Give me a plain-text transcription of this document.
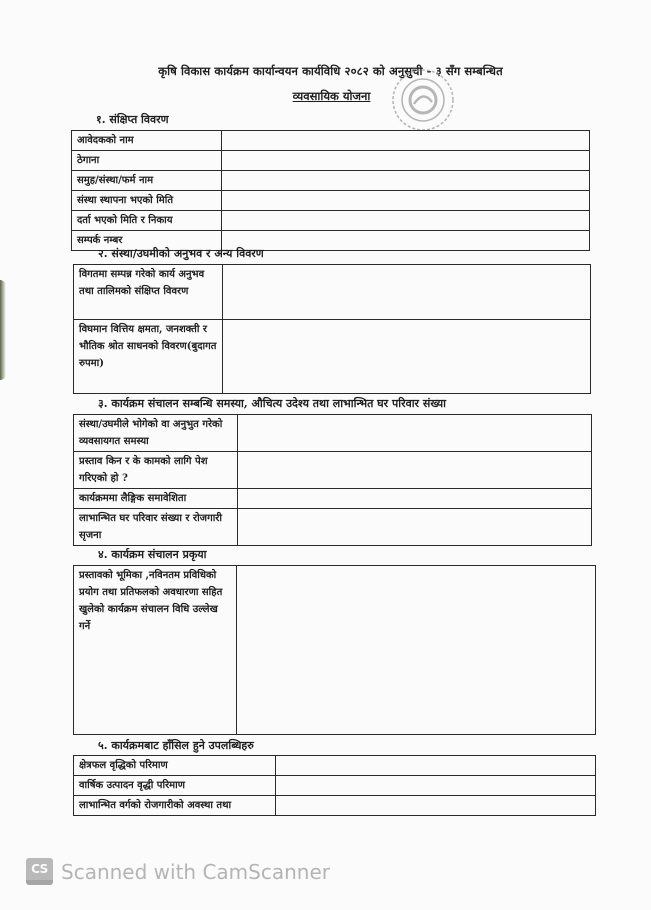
कृषि विकास कार्यक्रम कार्यान्वयन कार्यविधि २०८२ को अनुसुची - ३ सँग सम्बन्धित
व्यवसायिक योजना
१. संक्षिप्त विवरण
आवेदकको नाम	
ठेगाना	
समुह/संस्था/फर्म नाम	
संस्था स्थापना भएको मिति	
दर्ता भएको मिति र निकाय	
सम्पर्क नम्बर	
२. संस्था/उघमीको अनुभव र अन्य विवरण
विगतमा सम्पन्न गरेको कार्य अनुभव तथा तालिमको संक्षिप्त विवरण	
विघमान वित्तिय क्षमता, जनशक्ती र भौतिक श्रोत साधनको विवरण(बुदागत रुपमा)	
३. कार्यक्रम संचालन सम्बन्धि समस्या, औचित्य उदेश्य तथा लाभान्भित घर परिवार संख्या
संस्था/उघमीले भोगेको वा अनुभुत गरेको व्यवसायगत समस्या	
प्रस्ताव किन र के कामको लागि पेश गरिएको हो ?	
कार्यक्रममा लैङ्गिक समावेशिता	
लाभान्भित घर परिवार संख्या र रोजगारी सृजना	
४. कार्यक्रम संचालन प्रकृया
प्रस्तावको भूमिका ,नविनतम प्रविधिको प्रयोग तथा प्रतिफलको अवधारणा सहित खुलेको कार्यक्रम संचालन विधि उल्लेख गर्ने	
५. कार्यक्रमबाट हाँसिल हुने उपलब्धिहरु
क्षेत्रफल वृद्धिको परिमाण	
वार्षिक उत्पादन वृद्धी परिमाण	
लाभान्भित वर्गको रोजगारीको अवस्था तथा	
CS Scanned with CamScanner
